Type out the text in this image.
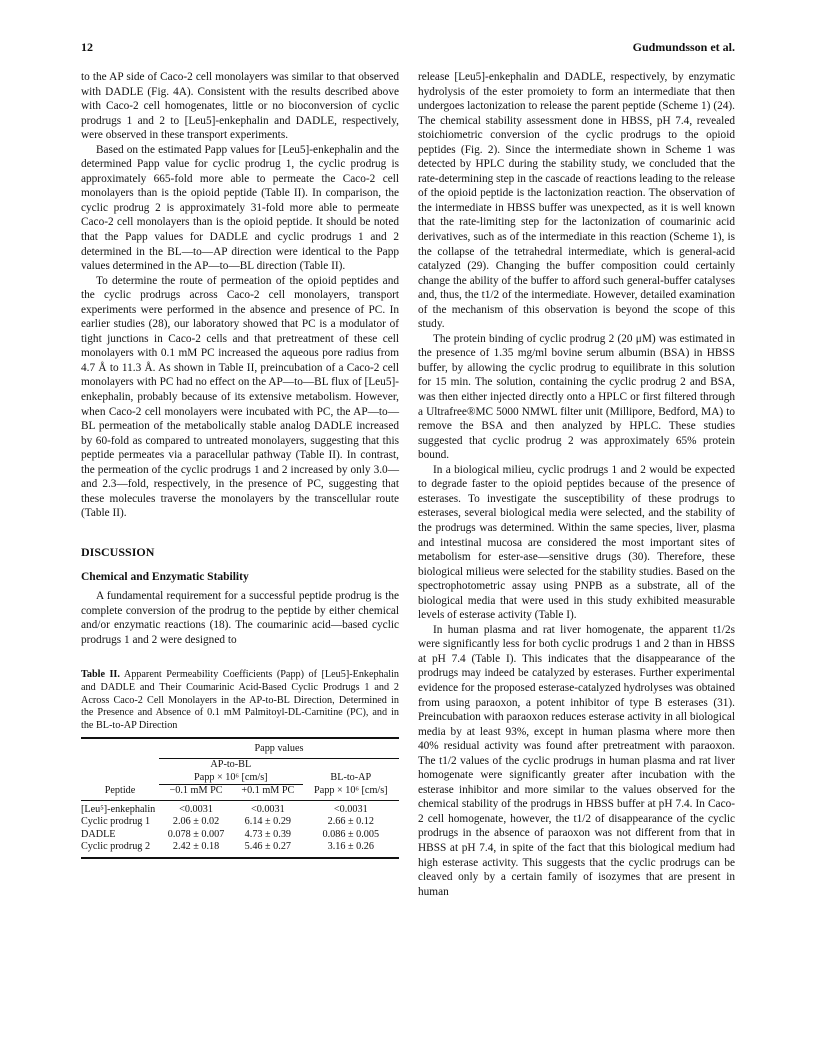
12	Gudmundsson et al.

to the AP side of Caco-2 cell monolayers was similar to that observed with DADLE (Fig. 4A). Consistent with the results described above with Caco-2 cell homogenates, little or no bioconversion of cyclic prodrugs 1 and 2 to [Leu5]-enkephalin and DADLE, respectively, were observed in these transport experiments.

Based on the estimated Papp values for [Leu5]-enkephalin and the determined Papp value for cyclic prodrug 1, the cyclic prodrug is approximately 665-fold more able to permeate the Caco-2 cell monolayers than is the opioid peptide (Table II). In comparison, the cyclic prodrug 2 is approximately 31-fold more able to permeate Caco-2 cell monolayers than is the opioid peptide. It should be noted that the Papp values for DADLE and cyclic prodrugs 1 and 2 determined in the BL—to—AP direction were identical to the Papp values determined in the AP—to—BL direction (Table II).

To determine the route of permeation of the opioid peptides and the cyclic prodrugs across Caco-2 cell monolayers, transport experiments were performed in the absence and presence of PC. In earlier studies (28), our laboratory showed that PC is a modulator of tight junctions in Caco-2 cells and that pretreatment of these cell monolayers with 0.1 mM PC increased the aqueous pore radius from 4.7 Å to 11.3 Å. As shown in Table II, preincubation of a Caco-2 cell monolayers with PC had no effect on the AP—to—BL flux of [Leu5]-enkephalin, probably because of its extensive metabolism. However, when Caco-2 cell monolayers were incubated with PC, the AP—to—BL permeation of the metabolically stable analog DADLE increased by 60-fold as compared to untreated monolayers, suggesting that this peptide permeates via a paracellular pathway (Table II). In contrast, the permeation of the cyclic prodrugs 1 and 2 increased by only 3.0— and 2.3—fold, respectively, in the presence of PC, suggesting that these molecules traverse the monolayers by the transcellular route (Table II).

DISCUSSION

Chemical and Enzymatic Stability

A fundamental requirement for a successful peptide prodrug is the complete conversion of the prodrug to the peptide by either chemical and/or enzymatic reactions (18). The coumarinic acid—based cyclic prodrugs 1 and 2 were designed to

Table II. Apparent Permeability Coefficients (Papp) of [Leu5]-Enkephalin and DADLE and Their Coumarinic Acid-Based Cyclic Prodrugs 1 and 2 Across Caco-2 Cell Monolayers in the AP-to-BL Direction, Determined in the Presence and Absence of 0.1 mM Palmitoyl-DL-Carnitine (PC), and in the BL-to-AP Direction
	Papp values		
	AP-to-BL		
	Papp × 10⁶ [cm/s]		BL-to-AP
Peptide	−0.1 mM PC	+0.1 mM PC	Papp × 10⁶ [cm/s]
[Leu⁵]-enkephalin	<0.0031	<0.0031	<0.0031
Cyclic prodrug 1	2.06 ± 0.02	6.14 ± 0.29	2.66 ± 0.12
DADLE	0.078 ± 0.007	4.73 ± 0.39	0.086 ± 0.005
Cyclic prodrug 2	2.42 ± 0.18	5.46 ± 0.27	3.16 ± 0.26

release [Leu5]-enkephalin and DADLE, respectively, by enzymatic hydrolysis of the ester promoiety to form an intermediate that then undergoes lactonization to release the parent peptide (Scheme 1) (24). The chemical stability assessment done in HBSS, pH 7.4, revealed stoichiometric conversion of the cyclic prodrugs to the opioid peptides (Fig. 2). Since the intermediate shown in Scheme 1 was detected by HPLC during the stability study, we concluded that the rate-determining step in the cascade of reactions leading to the release of the opioid peptide is the lactonization reaction. The observation of the intermediate in HBSS buffer was unexpected, as it is well known that the rate-limiting step for the lactonization of coumarinic acid derivatives, such as of the intermediate in this reaction (Scheme 1), is the collapse of the tetrahedral intermediate, which is general-acid catalyzed (29). Changing the buffer composition could certainly change the ability of the buffer to afford such general-buffer catalyses and, thus, the t1/2 of the intermediate. However, detailed examination of the mechanism of this observation is beyond the scope of this study.

The protein binding of cyclic prodrug 2 (20 μM) was estimated in the presence of 1.35 mg/ml bovine serum albumin (BSA) in HBSS buffer, by allowing the cyclic prodrug to equilibrate in this solution for 15 min. The solution, containing the cyclic prodrug 2 and BSA, was then either injected directly onto a HPLC or first filtered through a Ultrafree®MC 5000 NMWL filter unit (Millipore, Bedford, MA) to remove the BSA and then analyzed by HPLC. These studies suggested that cyclic prodrug 2 was approximately 65% protein bound.

In a biological milieu, cyclic prodrugs 1 and 2 would be expected to degrade faster to the opioid peptides because of the presence of esterases. To investigate the susceptibility of these prodrugs to esterases, several biological media were selected, and the stability of the prodrugs was determined. Within the same species, liver, plasma and intestinal mucosa are considered the most important sites of metabolism for ester-ase—sensitive drugs (30). Therefore, these biological milieus were selected for the stability studies. Based on the spectrophotometric assay using PNPB as a substrate, all of the biological media that were used in this study exhibited measurable levels of esterase activity (Table I).

In human plasma and rat liver homogenate, the apparent t1/2s were significantly less for both cyclic prodrugs 1 and 2 than in HBSS at pH 7.4 (Table I). This indicates that the disappearance of the prodrugs may indeed be catalyzed by esterases. Further experimental evidence for the proposed esterase-catalyzed hydrolyses was obtained from using paraoxon, a potent inhibitor of type B esterases (31). Preincubation with paraoxon reduces esterase activity in all biological media by at least 93%, except in human plasma where more then 40% residual activity was found after pretreatment with paraoxon. The t1/2 values of the cyclic prodrugs in human plasma and rat liver homogenate were significantly greater after incubation with the esterase inhibitor and more similar to the values observed for the chemical stability of the prodrugs in HBSS buffer at pH 7.4. In Caco-2 cell homogenate, however, the t1/2 of disappearance of the cyclic prodrugs in the absence of paraoxon was not different from that in HBSS at pH 7.4, in spite of the fact that this biological medium had high esterase activity. This suggests that the cyclic prodrugs can be cleaved only by a certain family of isozymes that are present in human
